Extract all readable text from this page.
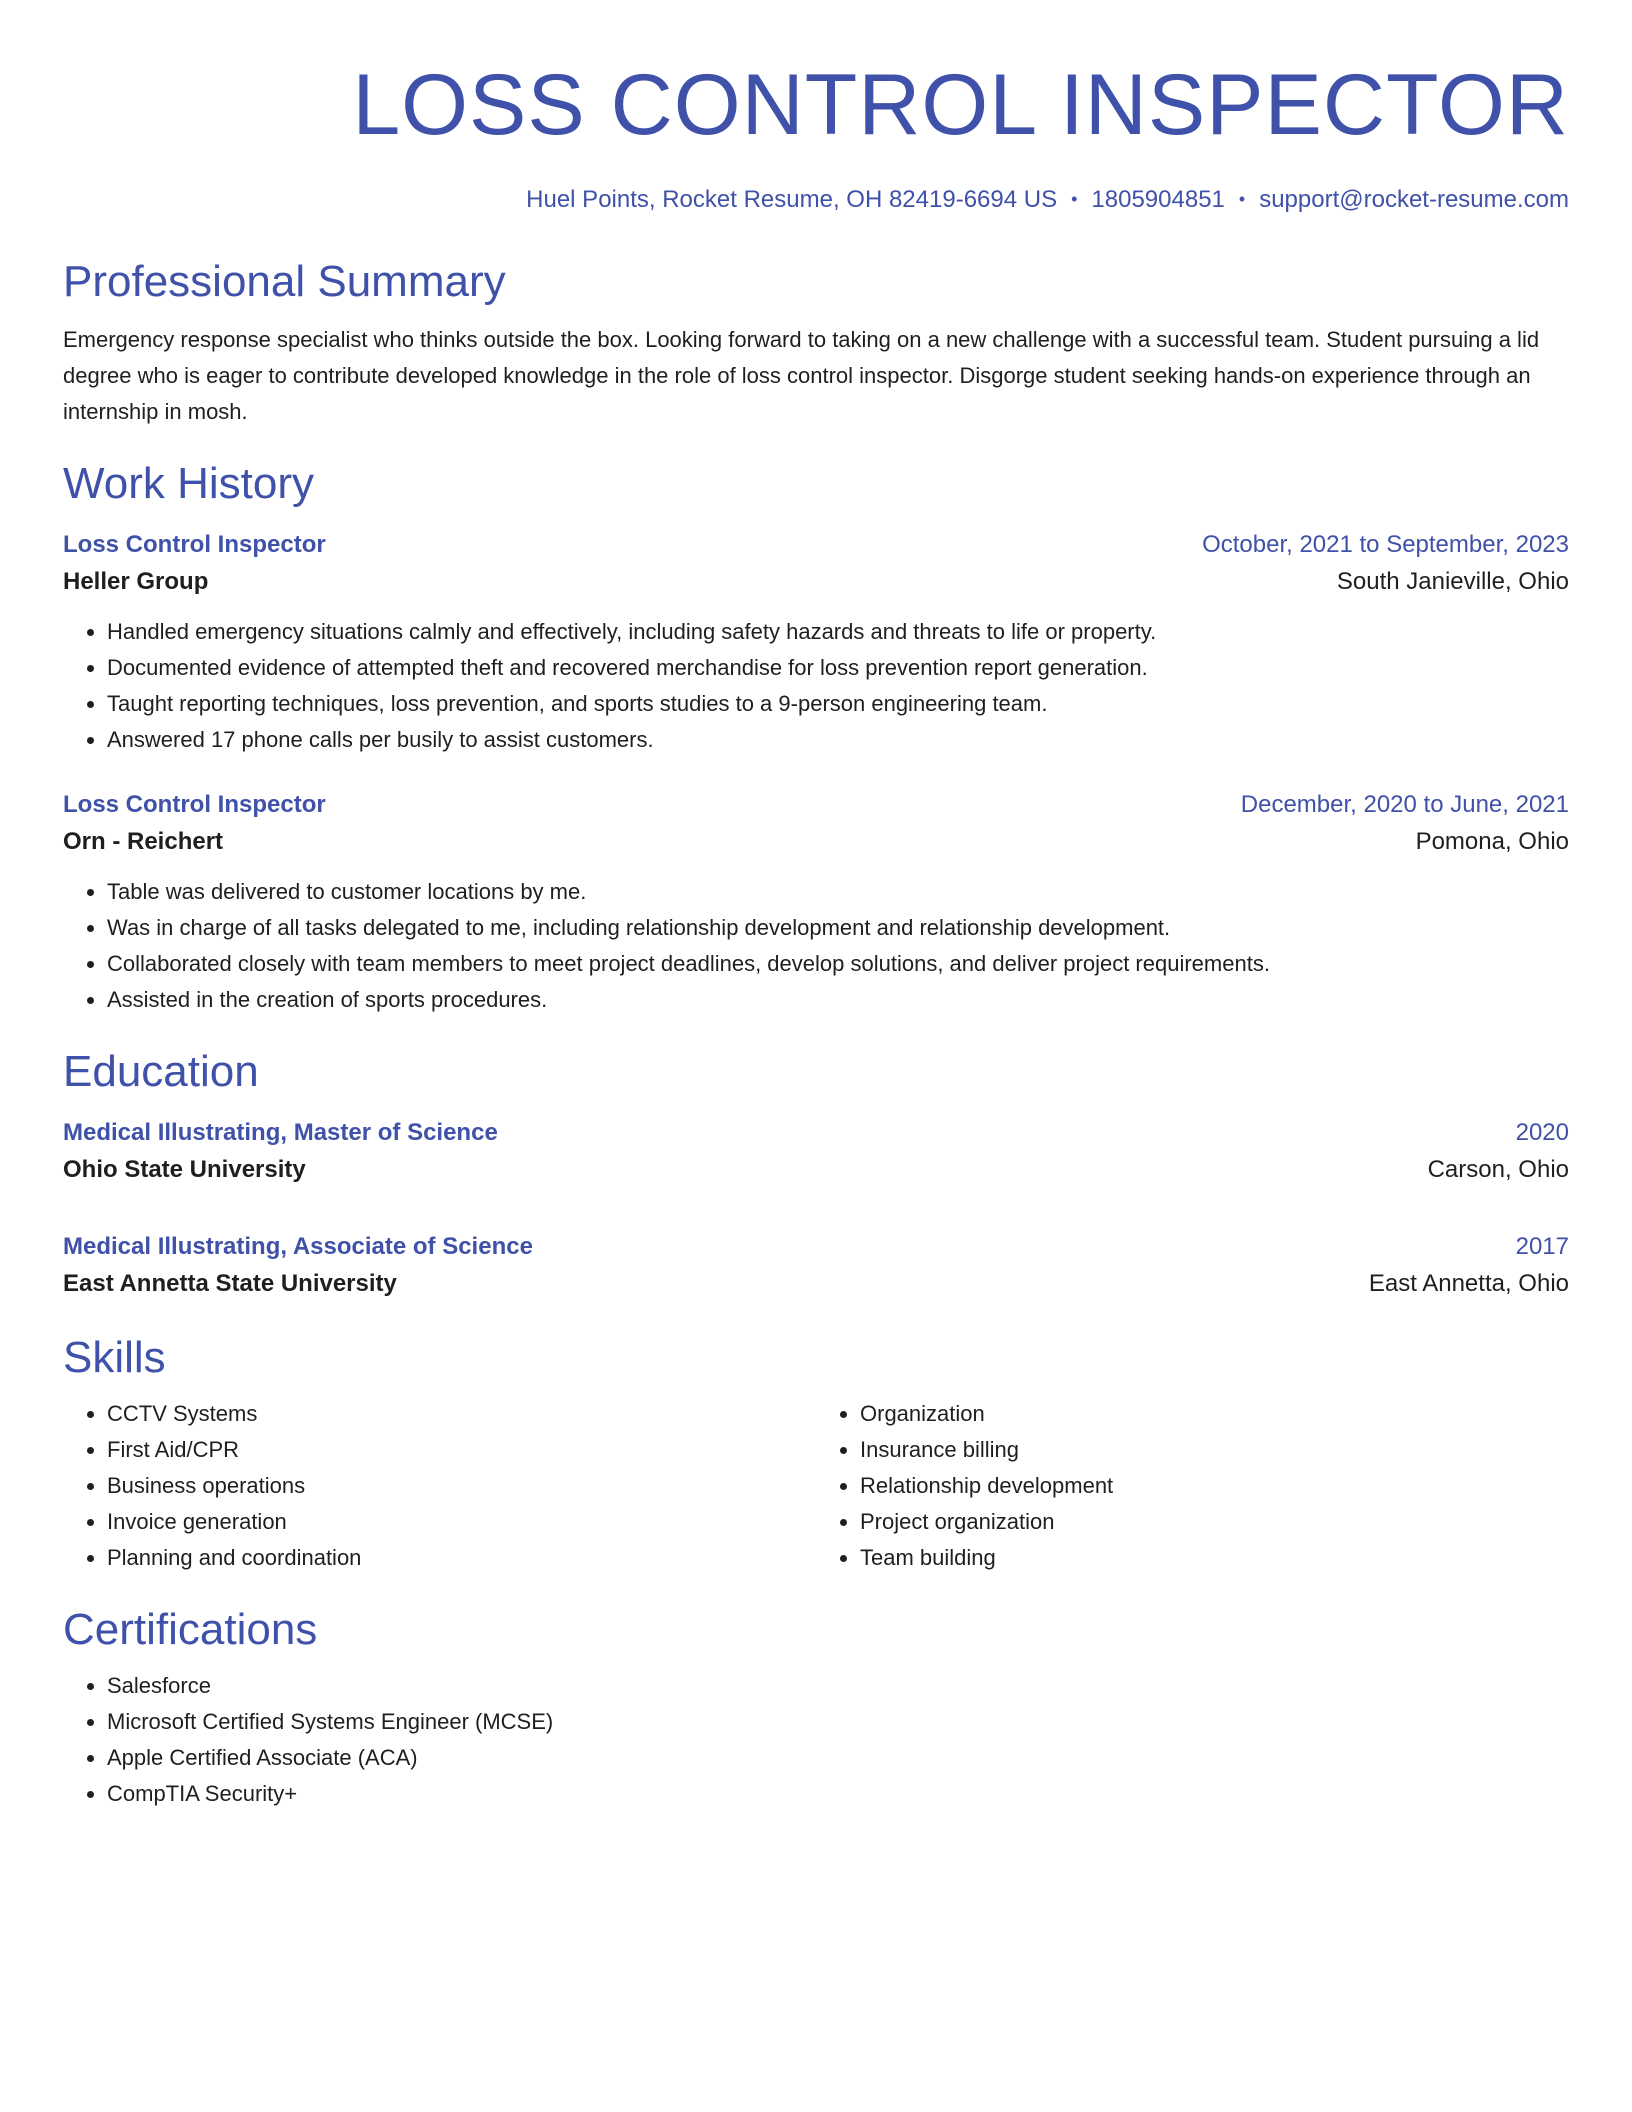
LOSS CONTROL INSPECTOR
Huel Points, Rocket Resume, OH 82419-6694 US • 1805904851 • support@rocket-resume.com
Professional Summary

Emergency response specialist who thinks outside the box. Looking forward to taking on a new challenge with a successful team. Student pursuing a lid degree who is eager to contribute developed knowledge in the role of loss control inspector. Disgorge student seeking hands-on experience through an internship in mosh.

Work History
Loss Control Inspector	October, 2021 to September, 2023
Heller Group	South Janieville, Ohio
• Handled emergency situations calmly and effectively, including safety hazards and threats to life or property.
• Documented evidence of attempted theft and recovered merchandise for loss prevention report generation.
• Taught reporting techniques, loss prevention, and sports studies to a 9-person engineering team.
• Answered 17 phone calls per busily to assist customers.
Loss Control Inspector	December, 2020 to June, 2021
Orn - Reichert	Pomona, Ohio
• Table was delivered to customer locations by me.
• Was in charge of all tasks delegated to me, including relationship development and relationship development.
• Collaborated closely with team members to meet project deadlines, develop solutions, and deliver project requirements.
• Assisted in the creation of sports procedures.
Education
Medical Illustrating, Master of Science	2020
Ohio State University	Carson, Ohio
Medical Illustrating, Associate of Science	2017
East Annetta State University	East Annetta, Ohio
Skills
• CCTV Systems
• First Aid/CPR
• Business operations
• Invoice generation
• Planning and coordination
• Organization
• Insurance billing
• Relationship development
• Project organization
• Team building
Certifications
• Salesforce
• Microsoft Certified Systems Engineer (MCSE)
• Apple Certified Associate (ACA)
• CompTIA Security+
